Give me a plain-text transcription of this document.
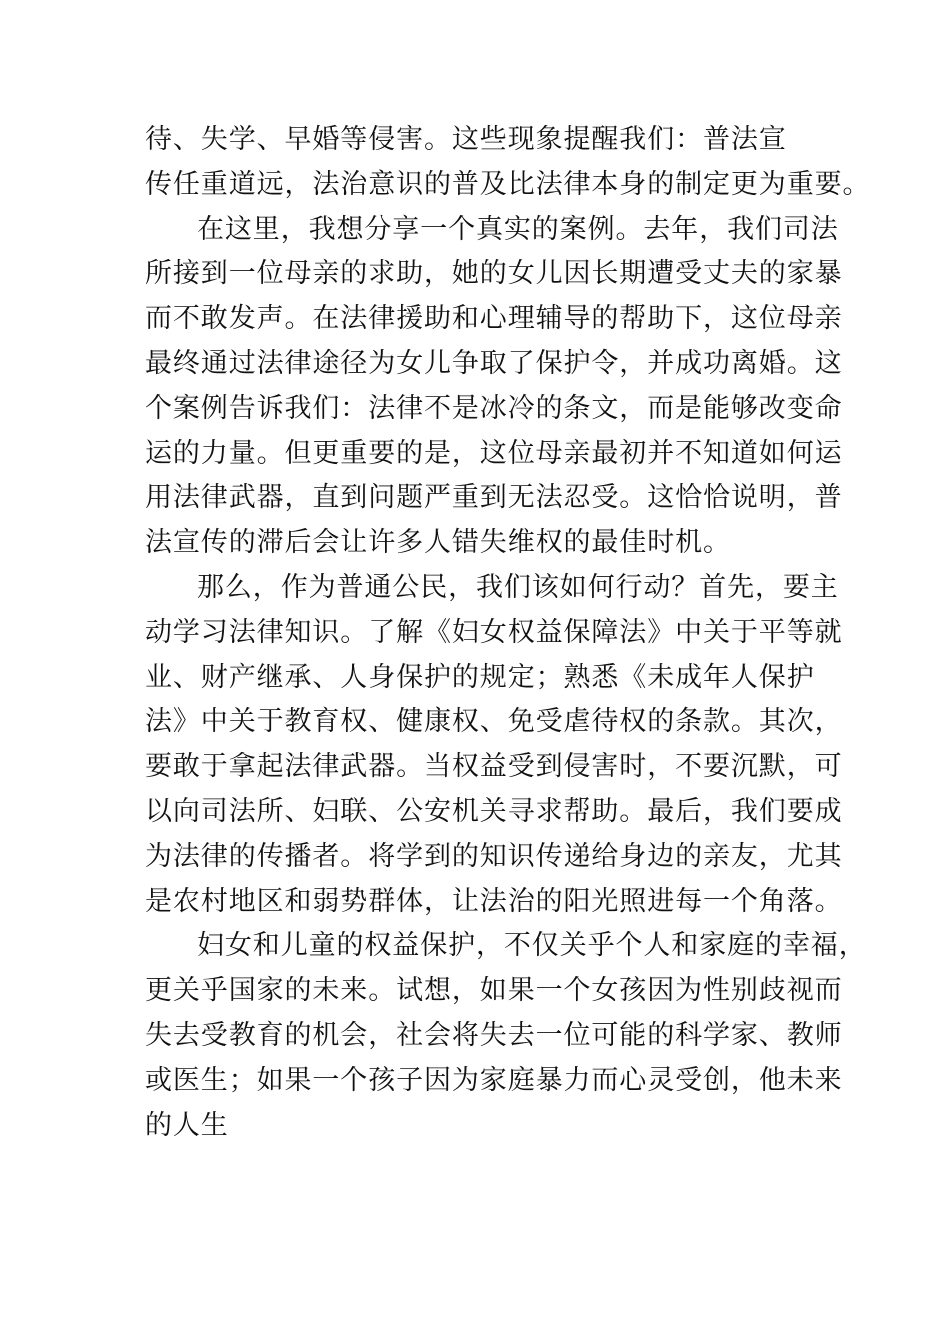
待、失学、早婚等侵害。这些现象提醒我们：普法宣
传任重道远，法治意识的普及比法律本身的制定更为重要。
在这里，我想分享一个真实的案例。去年，我们司法
所接到一位母亲的求助，她的女儿因长期遭受丈夫的家暴
而不敢发声。在法律援助和心理辅导的帮助下，这位母亲
最终通过法律途径为女儿争取了保护令，并成功离婚。这
个案例告诉我们：法律不是冰冷的条文，而是能够改变命
运的力量。但更重要的是，这位母亲最初并不知道如何运
用法律武器，直到问题严重到无法忍受。这恰恰说明，普
法宣传的滞后会让许多人错失维权的最佳时机。
那么，作为普通公民，我们该如何行动？首先，要主
动学习法律知识。了解《妇女权益保障法》中关于平等就
业、财产继承、人身保护的规定；熟悉《未成年人保护
法》中关于教育权、健康权、免受虐待权的条款。其次，
要敢于拿起法律武器。当权益受到侵害时，不要沉默，可
以向司法所、妇联、公安机关寻求帮助。最后，我们要成
为法律的传播者。将学到的知识传递给身边的亲友，尤其
是农村地区和弱势群体，让法治的阳光照进每一个角落。
妇女和儿童的权益保护，不仅关乎个人和家庭的幸福，
更关乎国家的未来。试想，如果一个女孩因为性别歧视而
失去受教育的机会，社会将失去一位可能的科学家、教师
或医生；如果一个孩子因为家庭暴力而心灵受创，他未来
的人生
